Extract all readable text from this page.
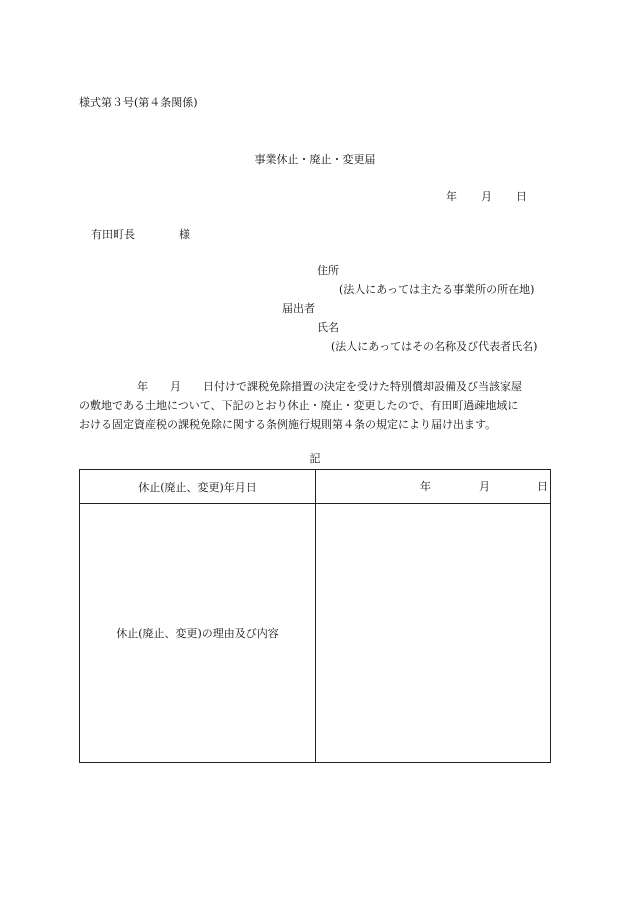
様式第３号(第４条関係)
事業休止・廃止・変更届
年 月 日
有田町長	様
住所
(法人にあっては主たる事業所の所在地)
届出者
氏名
(法人にあってはその名称及び代表者氏名)
年 月 日付けで課税免除措置の決定を受けた特別償却設備及び当該家屋
の敷地である土地について、下記のとおり休止・廃止・変更したので、有田町過疎地域に
おける固定資産税の課税免除に関する条例施行規則第４条の規定により届け出ます。
記
休止(廃止、変更)年月日	年	月	日
休止(廃止、変更)の理由及び内容
